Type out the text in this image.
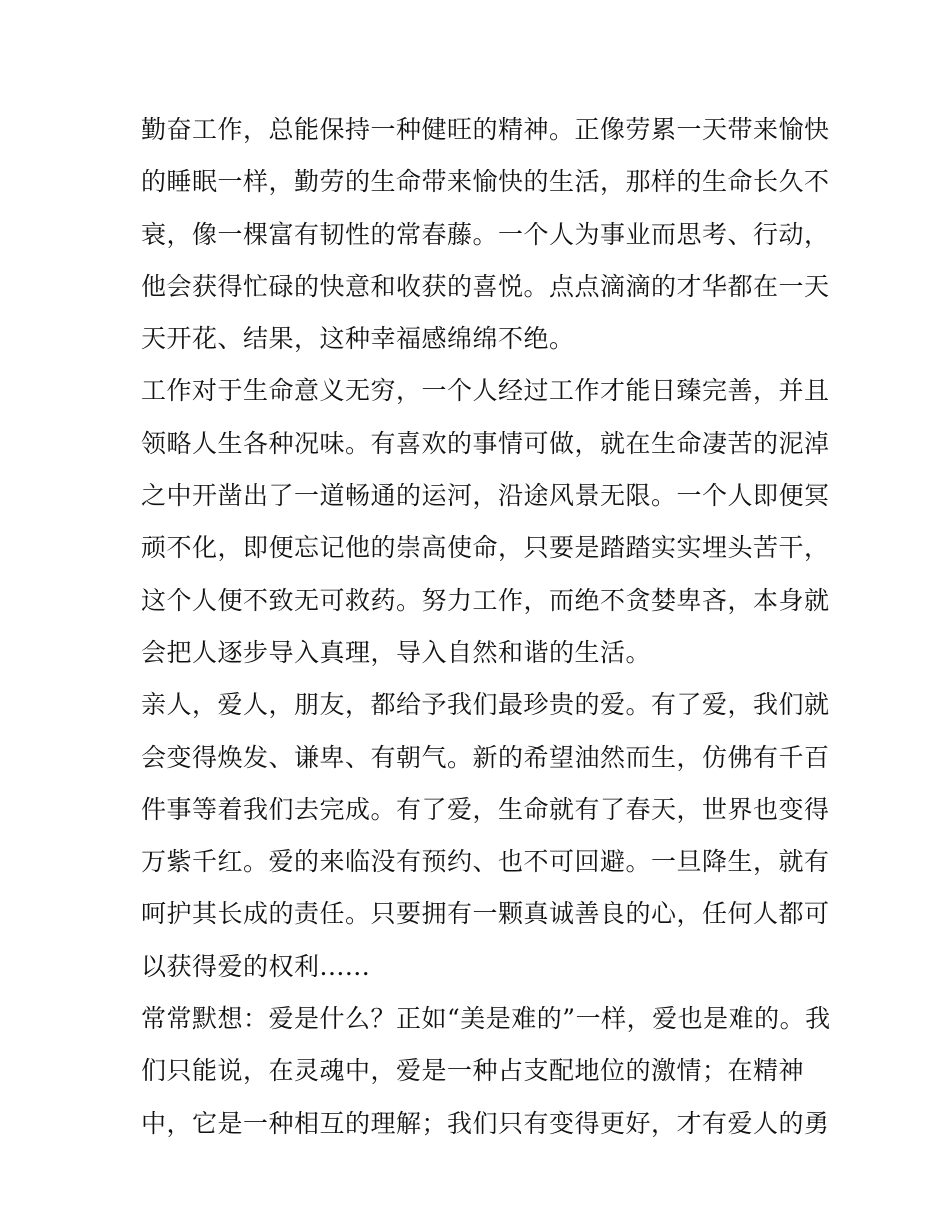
勤奋工作，总能保持一种健旺的精神。正像劳累一天带来愉快
的睡眠一样，勤劳的生命带来愉快的生活，那样的生命长久不
衰，像一棵富有韧性的常春藤。一个人为事业而思考、行动，
他会获得忙碌的快意和收获的喜悦。点点滴滴的才华都在一天
天开花、结果，这种幸福感绵绵不绝。
工作对于生命意义无穷，一个人经过工作才能日臻完善，并且
领略人生各种况味。有喜欢的事情可做，就在生命凄苦的泥淖
之中开凿出了一道畅通的运河，沿途风景无限。一个人即便冥
顽不化，即便忘记他的崇高使命，只要是踏踏实实埋头苦干，
这个人便不致无可救药。努力工作，而绝不贪婪卑吝，本身就
会把人逐步导入真理，导入自然和谐的生活。
亲人，爱人，朋友，都给予我们最珍贵的爱。有了爱，我们就
会变得焕发、谦卑、有朝气。新的希望油然而生，仿佛有千百
件事等着我们去完成。有了爱，生命就有了春天，世界也变得
万紫千红。爱的来临没有预约、也不可回避。一旦降生，就有
呵护其长成的责任。只要拥有一颗真诚善良的心，任何人都可
以获得爱的权利......
常常默想：爱是什么？正如“美是难的”一样，爱也是难的。我
们只能说，在灵魂中，爱是一种占支配地位的激情；在精神
中，它是一种相互的理解；我们只有变得更好，才有爱人的勇
